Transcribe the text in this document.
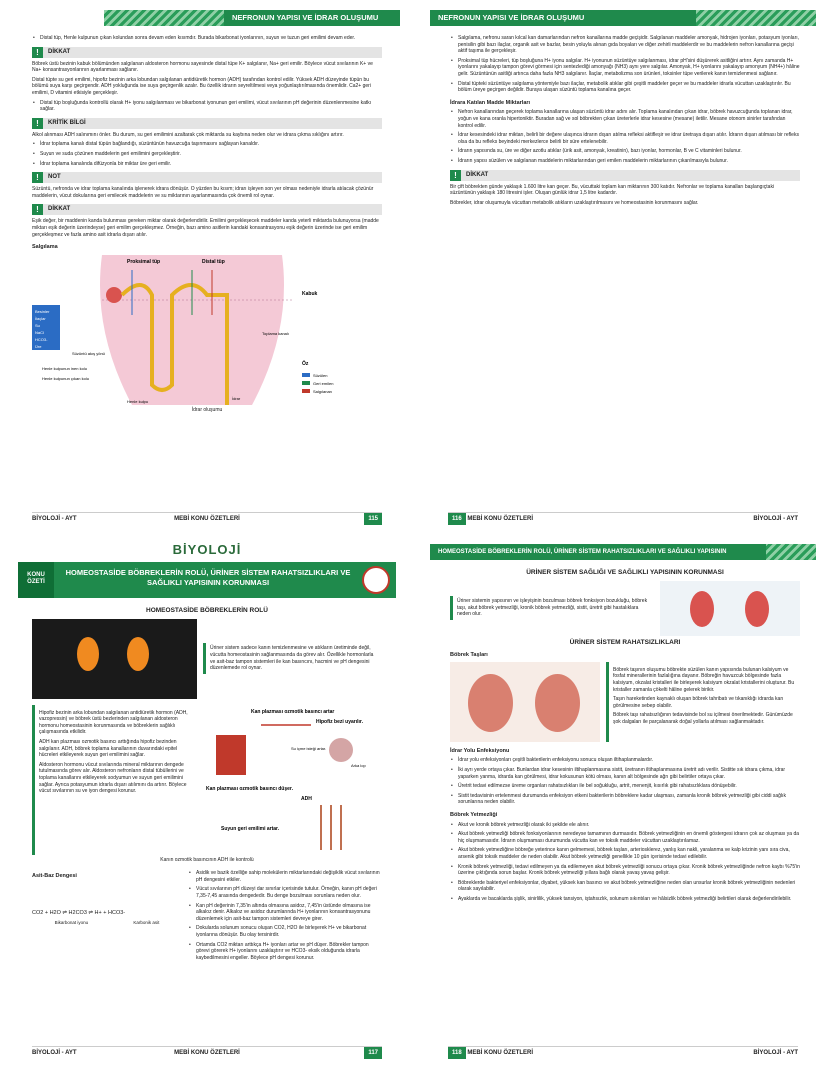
NEFRONUN YAPISI VE İDRAR OLUŞUMU
• Distal tüp, Henle kulpunun çıkan kolundan sonra devam eden kısımdır. Burada bikarbonat iyonlarının, suyun ve tuzun geri emilimi devam eder.
!	DİKKAT
Böbrek üstü bezinin kabuk bölümünden salgılanan aldosteron hormonu sayesinde distal tüpe K+ salgılanır, Na+ geri emilir. Böylece vücut sıvılarının K+ ve Na+ konsantrasyonlarının ayarlanması sağlanır.
Distal tüpte su geri emilimi, hipofiz bezinin arka lobundan salgılanan antidiüretik hormon (ADH) tarafından kontrol edilir. Yüksek ADH düzeyinde tüpün bu bölümü suya karşı geçirgendir. ADH yokluğunda ise suya geçirgenlik azalır. Bu özellik idrarın seyreltilmesi veya yoğunlaştırılmasında önemlidir. Ca2+ geri emilimi, D vitamini etkisiyle gerçekleşir.
• Distal tüp boşluğunda kontrollü olarak H+ iyonu salgılanması ve bikarbonat iyonunun geri emilimi, vücut sıvılarının pH değerinin düzenlenmesine katkı sağlar.
!	KRİTİK BİLGİ
Alkol alınması ADH salınımını önler. Bu durum, su geri emilimini azaltarak çok miktarda su kaybına neden olur ve idrara çıkma sıklığını artırır.
• İdrar toplama kanalı distal tüpün bağlandığı, süzüntünün havuzcuğa taşınmasını sağlayan kanaldır.
• Suyun ve suda çözünen maddelerin geri emilimini gerçekleştirir.
• İdrar toplama kanalında difüzyonla bir miktar üre geri emilir.
!	NOT
Süzüntü, nefronda ve idrar toplama kanalında işlenerek idrara dönüşür. O yüzden bu kısım; idrarı işleyen son yer olması nedeniyle idrarla atılacak çözünür maddelerin, vücut dokularına geri emilecek maddelerin ve su miktarının ayarlanmasında çok önemli rol oynar.
!	DİKKAT
Eşik değer, bir maddenin kanda bulunması gereken miktar olarak değerlendirilir. Emilimi gerçekleşecek maddeler kanda yeterli miktarda bulunuyorsa (madde miktarı eşik değerin üzerindeyse) geri emilim gerçekleşmez. Örneğin, bazı amino asitlerin kandaki konsantrasyonu eşik değerin üzerinde ise geri emilim gerçekleşmez ve fazla amino asit idrarla dışarı atılır.
Salgılama
Proksimal tüp	Distal tüp
Kabuk
Öz
Besinler
İlaçlar
Su
NaCl
HCO3-
Üre
Süzüntü akış yönü
Henle kulpunun inen kolu
Henle kulpunun çıkan kolu
Henle kulpu
Toplama kanalı
İdrar
Süzülen
Geri emilen
Salgılanan
İdrar oluşumu
BİYOLOJİ - AYT	MEBİ KONU ÖZETLERİ	115
NEFRONUN YAPISI VE İDRAR OLUŞUMU
• Salgılama, nefronu saran kılcal kan damarlarından nefron kanallarına madde geçişidir. Salgılanan maddeler amonyak, hidrojen iyonları, potasyum iyonları, penisilin gibi bazı ilaçlar, organik asit ve bazlar, besin yoluyla alınan gıda boyaları ve diğer zehirli maddelerdir ve bu maddelerin nefron kanallarına geçişi aktif taşıma ile gerçekleşir.
• Proksimal tüp hücreleri, tüp boşluğuna H+ iyonu salgılar. H+ iyonunun süzüntüye salgılanması, idrar pH'sini düşürerek asitliğini artırır. Aynı zamanda H+ iyonlarını yakalayıp tampon görevi görmesi için sentezlediği amonyağı (NH3) aynı yere salgılar. Amonyak, H+ iyonlarını yakalayıp amonyum (NH4+) hâline gelir. Süzüntünün asitliği artınca daha fazla NH3 salgılanır. İlaçlar, metabolizma son ürünleri, toksinler tüpe verilerek kanın temizlenmesi sağlanır.
• Distal tüpteki süzüntüye salgılama yöntemiyle bazı ilaçlar, metabolik atıklar gibi çeşitli maddeler geçer ve bu maddeler idrarla vücuttan uzaklaştırılır. Bu bölüm üreye geçirgen değildir. Buraya ulaşan süzüntü toplama kanalına geçer.
İdrara Katılan Madde Miktarları
• Nefron kanallarından geçerek toplama kanallarına ulaşan süzüntü idrar adını alır. Toplama kanalından çıkan idrar, böbrek havuzcuğunda toplanan idrar, yoğun ve kana oranla hipertoniktir. Buradan sağ ve sol böbrekten çıkan üreterlerle idrar kesesine (mesane) iletilir. Mesane otonom sinirler tarafından kontrol edilir.
• İdrar kesesindeki idrar miktarı, belirli bir değere ulaşınca idrarın dışarı atılma refleksi aktifleşir ve idrar üretraya dışarı atılır. İdrarın dışarı atılması bir refleks olsa da bu refleks beyindeki merkezlerce belirli bir süre ertelenebilir.
• İdrarın yapısında su, üre ve diğer azotlu atıklar (ürik asit, amonyak, kreatinin), bazı iyonlar, hormonlar, B ve C vitaminleri bulunur.
• İdrarın yapısı süzülen ve salgılanan maddelerin miktarlarından geri emilen maddelerin miktarlarının çıkarılmasıyla bulunur.
!	DİKKAT
Bir çift böbrekten günde yaklaşık 1.600 litre kan geçer. Bu, vücuttaki toplam kan miktarının 300 katıdır. Nefronlar ve toplama kanalları başlangıçtaki süzüntünün yaklaşık 180 litresini işler. Oluşan günlük idrar 1,5 litre kadardır.
Böbrekler, idrar oluşumuyla vücuttan metabolik atıkların uzaklaştırılmasını ve homeostasinin korunmasını sağlar.
116 MEBİ KONU ÖZETLERİ	BİYOLOJİ - AYT
BİYOLOJİ
KONU ÖZETİ
HOMEOSTASİDE BÖBREKLERİN ROLÜ, ÜRİNER SİSTEM RAHATSIZLIKLARI VE SAĞLIKLI YAPISININ KORUNMASI
HOMEOSTASİDE BÖBREKLERİN ROLÜ
Üriner sistem sadece kanın temizlenmesine ve atıkların üretiminde değil, vücutta homeostasinin sağlanmasında da görev alır. Özellikle hormonlarla ve asit-baz tampon sistemleri ile kan basıncını, hacmini ve pH dengesini düzenlemede rol oynar.
Hipofiz bezinin arka lobundan salgılanan antidiüretik hormon (ADH, vazopressin) ve böbrek üstü bezlerinden salgılanan aldosteron hormonu homeostasinin korunmasında ve böbreklerin sağlıklı çalışmasında etkilidir.
ADH kan plazması ozmotik basıncı arttığında hipofiz bezinden salgılanır. ADH, böbrek toplama kanallarının duvarındaki epitel hücreleri etkileyerek suyun geri emilimini sağlar.
Aldosteron hormonu vücut sıvılarında mineral miktarının dengede tutulmasında görev alır. Aldosteron nefronların distal tübüllerini ve toplama kanallarını etkileyerek sodyumun ve suyun geri emilimini sağlar. Ayrıca potasyumun idrarla dışarı atılımını da artırır. Böylece vücut sıvılarının su ve iyon dengesi korunur.
Kan plazması ozmotik basıncı artar
Hipofiz bezi uyarılır.
Su içme isteği artar.
Arka lop
Kan plazması ozmotik basıncı düşer.
ADH
Suyun geri emilimi artar.
Kanın ozmotik basıncının ADH ile kontrolü
Asit-Baz Dengesi
CO2 + H2O ⇌ H2CO3 ⇌ H+ + HCO3-
Bikarbonat iyonu	Karbonik asit
• Asidik ve bazik özelliğe sahip molekülerin miktarlarındaki değişiklik vücut sıvılarının pH dengesini etkiler.
• Vücut sıvılarının pH düzeyi dar sınırlar içerisinde tutulur. Örneğin, kanın pH değeri 7,35-7,45 arasında dengededir. Bu denge bozulması sorunlara neden olur.
• Kan pH değerinin 7,35'in altında olmasına asidoz, 7,45'in üstünde olmasına ise alkaloz denir. Alkaloz ve asidoz durumlarında H+ iyonlarının konsantrasyonunu düzenlemek için asit-baz tampon sistemleri devreye girer.
• Dokularda solunum sonucu oluşan CO2, H2O ile birleşerek H+ ve bikarbonat iyonlarına dönüşür. Bu olay tersinirdir.
• Ortamda CO2 miktarı arttıkça H+ iyonları artar ve pH düşer. Böbrekler tampon görevi görerek H+ iyonlarını uzaklaştırır ve HCO3- eksik olduğunda idrarla kaybedilmesini engeller. Böylece pH dengesi korunur.
BİYOLOJİ - AYT	MEBİ KONU ÖZETLERİ	117
HOMEOSTASİDE BÖBREKLERİN ROLÜ, ÜRİNER SİSTEM RAHATSIZLIKLARI VE SAĞLIKLI YAPISININ KORUNMASI
ÜRİNER SİSTEM SAĞLIĞI VE SAĞLIKLI YAPISININ KORUNMASI
Üriner sistemin yapısının ve işleyişinin bozulması böbrek fonksiyon bozukluğu, böbrek taşı, akut böbrek yetmezliği, kronik böbrek yetmezliği, sistit, üretrit gibi hastalıklara neden olur.
ÜRİNER SİSTEM RAHATSIZLIKLARI
Böbrek Taşları
Böbrek taşının oluşumu böbrekte süzülen kanın yapısında bulunan kalsiyum ve fosfat minerallerinin fazlalığına dayanır. Böbreğin havuzcuk bölgesinde fazla kalsiyum, okzalat kristalleri ile birleşerek kalsiyum okzalat kristallerini oluşturur. Bu kristaller zamanla çökelti hâline gelerek birikir.
Taşın hareketinden kaynaklı oluşan böbrek tahribatı ve tıkanıklığı idrarda kan görülmesine sebep olabilir.
Böbrek taşı rahatsızlığının tedavisinde bol su içilmesi önerilmektedir. Günümüzde şok dalgaları ile parçalanarak doğal yollarla atılması sağlanmaktadır.
İdrar Yolu Enfeksiyonu
• İdrar yolu enfeksiyonları çeşitli bakterilerin enfeksiyonu sonucu oluşan iltihaplanmalardır.
• İki ayrı yerde ortaya çıkar. Bunlardan idrar kesesinin iltihaplanmasına sistit, üretranın iltihaplanmasına üretrit adı verilir. Sistitte sık idrara çıkma, idrar yaparken yanma, idrarda kan görülmesi, idrar kokusunun kötü olması, kanın alt bölgesinde ağrı gibi belirtiler ortaya çıkar.
• Üretrit tedavi edilmezse üreme organları rahatsızlıkları ile bel soğukluğu, artrit, menenjit, kısırlık gibi rahatsızlıklara dönüşebilir.
• Sistit tedavisinin ertelenmesi durumunda enfeksiyon etkeni bakterilerin böbreklere kadar ulaşması, zamanla kronik böbrek yetmezliği gibi ciddi sağlık sorunlarına neden olabilir.
Böbrek Yetmezliği
• Akut ve kronik böbrek yetmezliği olarak iki şekilde ele alınır.
• Akut böbrek yetmezliği böbrek fonksiyonlarının neredeyse tamamının durmasıdır. Böbrek yetmezliğinin en önemli göstergesi idrarın çok az oluşması ya da hiç oluşmamasıdır. İdrarın oluşmaması durumunda vücutta kan ve toksik maddeler vücuttan uzaklaştırılamaz.
• Akut böbrek yetmezliğine böbreğe yeterince kanın gelmemesi, böbrek taşları, arteriosklerez, yanlış kan nakli, yaralanma ve kalp krizinin yanı sıra civa, arsenik gibi toksik maddeler de neden olabilir. Akut böbrek yetmezliği genellikle 10 gün içerisinde tedavi edilebilir.
• Kronik böbrek yetmezliği, tedavi edilmeyen ya da edilemeyen akut böbrek yetmezliği sonucu ortaya çıkar. Kronik böbrek yetmezliğinde nefron kaybı %75'in üzerine çıktığında sorun başlar. Kronik böbrek yetmezliği yıllara bağlı olarak yavaş yavaş gelişir.
• Böbreklerde bakteriyel enfeksiyonlar, diyabet, yüksek kan basıncı ve akut böbrek yetmezliğine neden olan unsurlar kronik böbrek yetmezliğinin nedenleri olarak sayılabilir.
• Ayaklarda ve bacaklarda şişlik, sinirlilik, yüksek tansiyon, iştahsızlık, solunum sıkıntıları ve hâlsizlik böbrek yetmezliği belirtileri olarak değerlendirilebilir.
118 MEBİ KONU ÖZETLERİ	BİYOLOJİ - AYT
